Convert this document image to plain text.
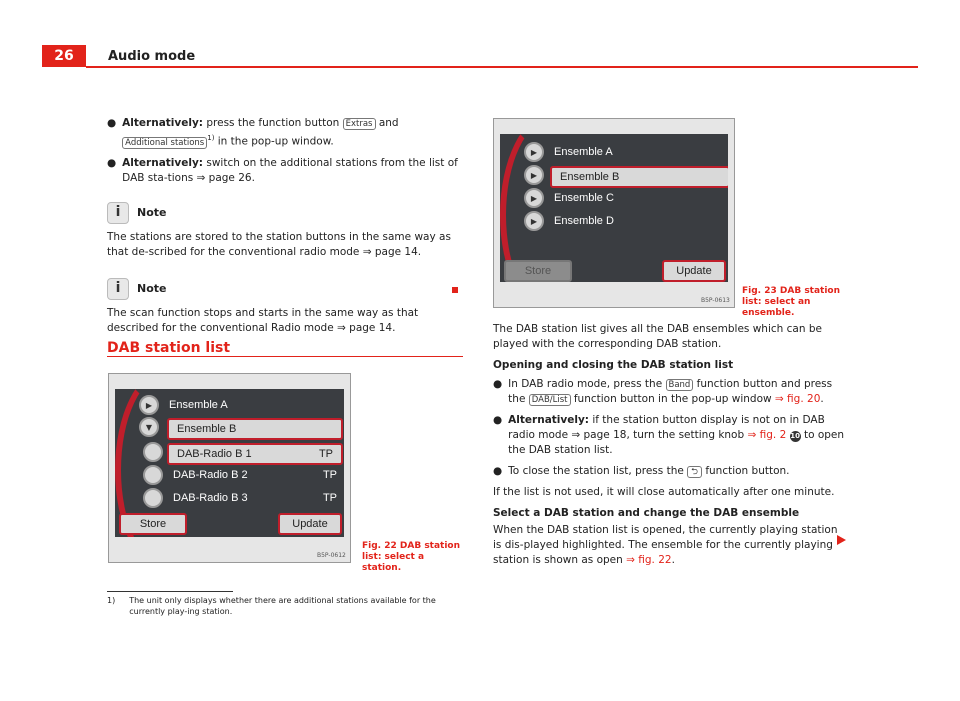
26	Audio mode
● Alternatively: press the function button Extras and Additional stations $^{1)}$ in the pop-up window.
● Alternatively: switch on the additional stations from the list of DAB sta-tions ⇒ page 26.
i	Note

The stations are stored to the station buttons in the same way as that de-scribed for the conventional radio mode ⇒ page 14.

i	Note

The scan function stops and starts in the same way as that described for the conventional Radio mode ⇒ page 14.

DAB station list
▶	Ensemble A
▼	Ensemble B
DAB-Radio B 1	TP
DAB-Radio B 2	TP
DAB-Radio B 3	TP
Store	Update
B5P-0612
Fig. 22 DAB station list: select a station.
▶	Ensemble A
▶	Ensemble B
▶	Ensemble C
▶	Ensemble D
Store	Update
B5P-0613
Fig. 23 DAB station list: select an ensemble.

The DAB station list gives all the DAB ensembles which can be played with the corresponding DAB station.

Opening and closing the DAB station list

● In DAB radio mode, press the Band function button and press the DAB/List function button in the pop-up window ⇒ fig. 20.
● Alternatively: if the station button display is not on in DAB radio mode ⇒ page 18, turn the setting knob ⇒ fig. 2 10 to open the DAB station list.
● To close the station list, press the ⮌ function button.

If the list is not used, it will close automatically after one minute.

Select a DAB station and change the DAB ensemble

When the DAB station list is opened, the currently playing station is dis-played highlighted. The ensemble for the currently playing station is shown as open ⇒ fig. 22.

1) The unit only displays whether there are additional stations available for the currently play-ing station.
